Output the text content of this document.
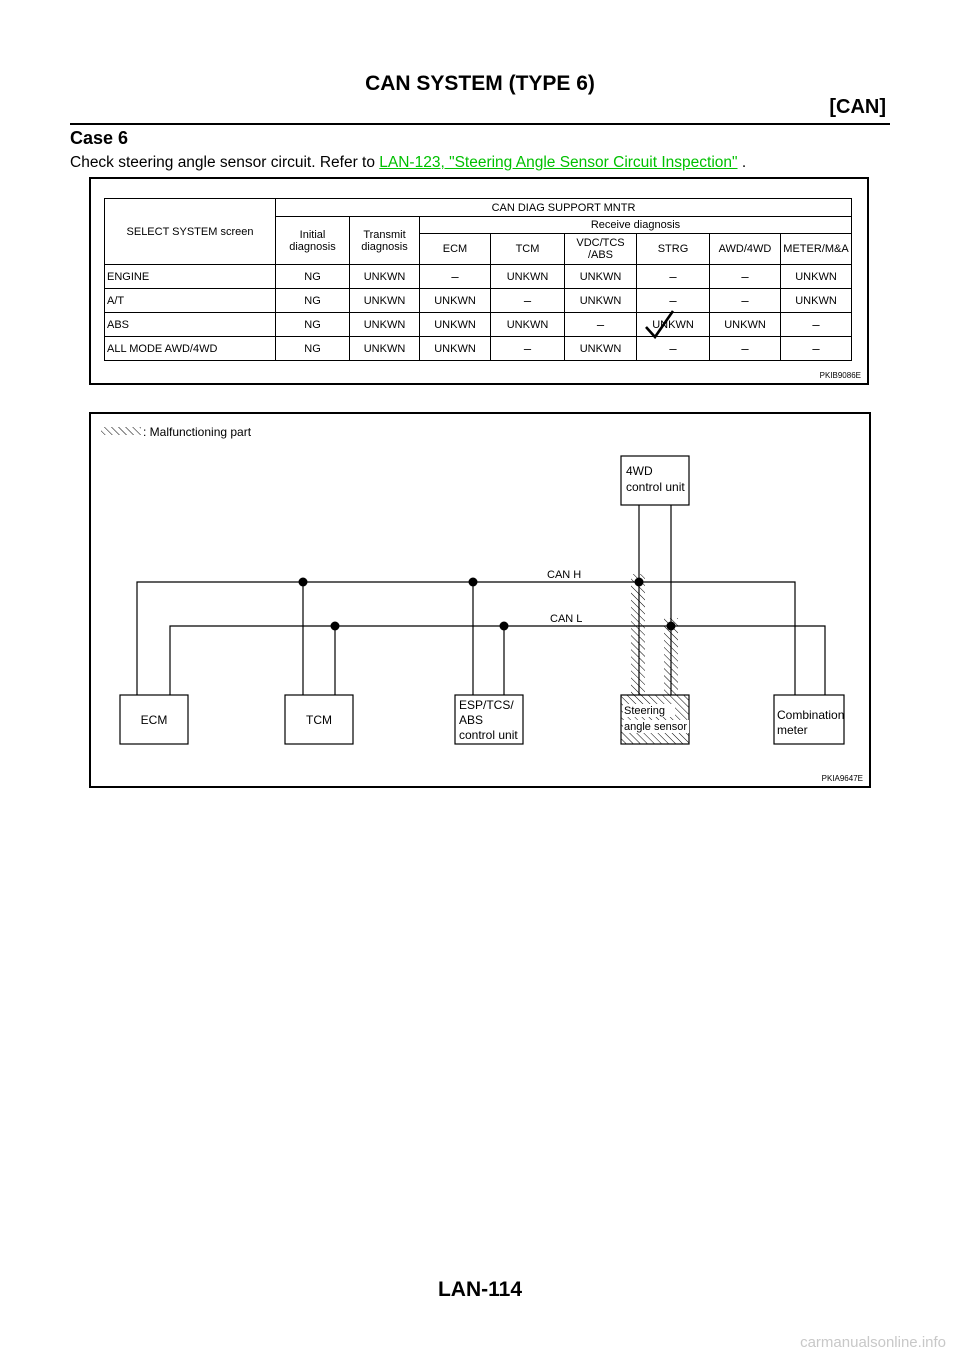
CAN SYSTEM (TYPE 6)
[CAN]
Case 6
Check steering angle sensor circuit. Refer to LAN-123, "Steering Angle Sensor Circuit Inspection" .
SELECT SYSTEM screen	CAN DIAG SUPPORT MNTR							
	Initial diagnosis	Transmit diagnosis	Receive diagnosis					
			ECM	TCM	VDC/TCS /ABS	STRG	AWD/4WD	METER/M&A
ENGINE	NG	UNKWN	–	UNKWN	UNKWN	–	–	UNKWN
A/T	NG	UNKWN	UNKWN	–	UNKWN	–	–	UNKWN
ABS	NG	UNKWN	UNKWN	UNKWN	–	UNKWN	UNKWN	–
ALL MODE AWD/4WD	NG	UNKWN	UNKWN	–	UNKWN	–	–	–
PKIB9086E
: Malfunctioning part
CAN H
CAN L
4WD
control unit
ECM	TCM
ESP/TCS/
ABS
control unit
Steering
angle sensor
Combination
meter
PKIA9647E
LAN-114
carmanualsonline.info
